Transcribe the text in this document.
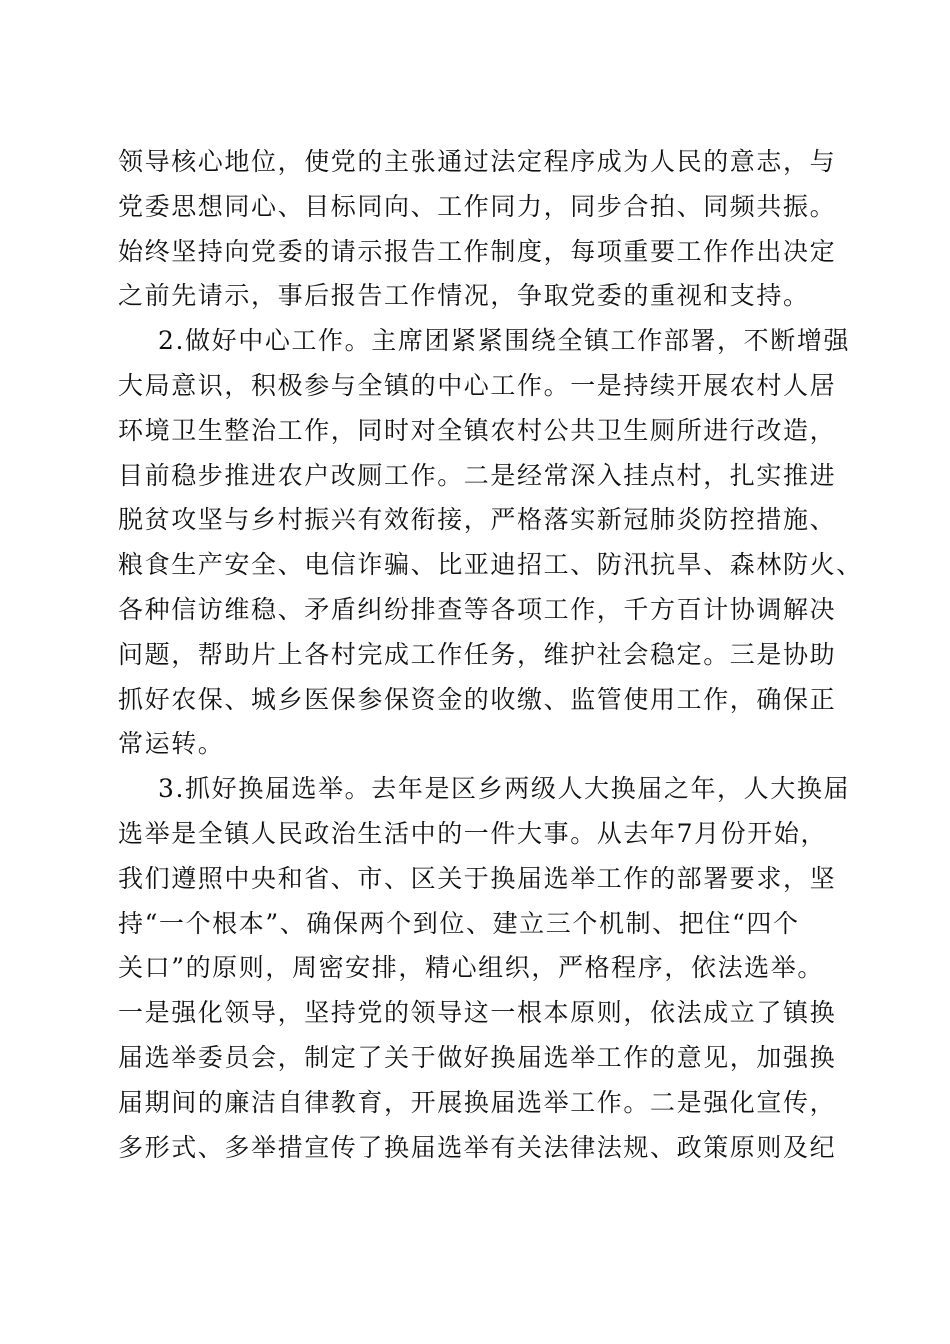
领导核心地位，使党的主张通过法定程序成为人民的意志，与
党委思想同心、目标同向、工作同力，同步合拍、同频共振。
始终坚持向党委的请示报告工作制度，每项重要工作作出决定
之前先请示，事后报告工作情况，争取党委的重视和支持。
2.做好中心工作。主席团紧紧围绕全镇工作部署，不断增强
大局意识，积极参与全镇的中心工作。一是持续开展农村人居
环境卫生整治工作，同时对全镇农村公共卫生厕所进行改造，
目前稳步推进农户改厕工作。二是经常深入挂点村，扎实推进
脱贫攻坚与乡村振兴有效衔接，严格落实新冠肺炎防控措施、
粮食生产安全、电信诈骗、比亚迪招工、防汛抗旱、森林防火、
各种信访维稳、矛盾纠纷排查等各项工作，千方百计协调解决
问题，帮助片上各村完成工作任务，维护社会稳定。三是协助
抓好农保、城乡医保参保资金的收缴、监管使用工作，确保正
常运转。
3.抓好换届选举。去年是区乡两级人大换届之年，人大换届
选举是全镇人民政治生活中的一件大事。从去年7月份开始，
我们遵照中央和省、市、区关于换届选举工作的部署要求，坚
持“一个根本”、确保两个到位、建立三个机制、把住“四个
关口”的原则，周密安排，精心组织，严格程序，依法选举。
一是强化领导，坚持党的领导这一根本原则，依法成立了镇换
届选举委员会，制定了关于做好换届选举工作的意见，加强换
届期间的廉洁自律教育，开展换届选举工作。二是强化宣传，
多形式、多举措宣传了换届选举有关法律法规、政策原则及纪
